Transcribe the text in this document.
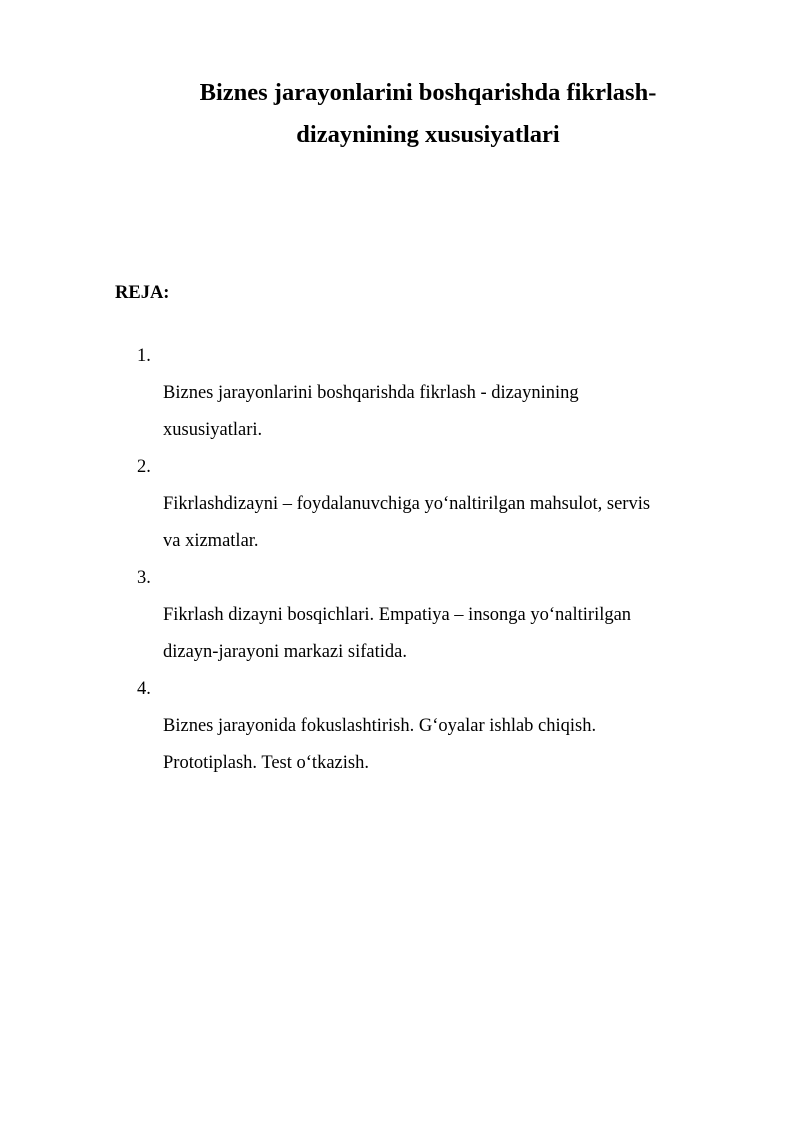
Biznes jarayonlarini boshqarishda fikrlash-
dizaynining xususiyatlari
REJA:
1.
Biznes jarayonlarini boshqarishda fikrlash - dizaynining
xususiyatlari.
2.
Fikrlashdizayni – foydalanuvchiga yo‘naltirilgan mahsulot, servis
va xizmatlar.
3.
Fikrlash dizayni bosqichlari. Empatiya – insonga yo‘naltirilgan
dizayn-jarayoni markazi sifatida.
4.
Biznes jarayonida fokuslashtirish. G‘oyalar ishlab chiqish.
Prototiplash. Test o‘tkazish.
